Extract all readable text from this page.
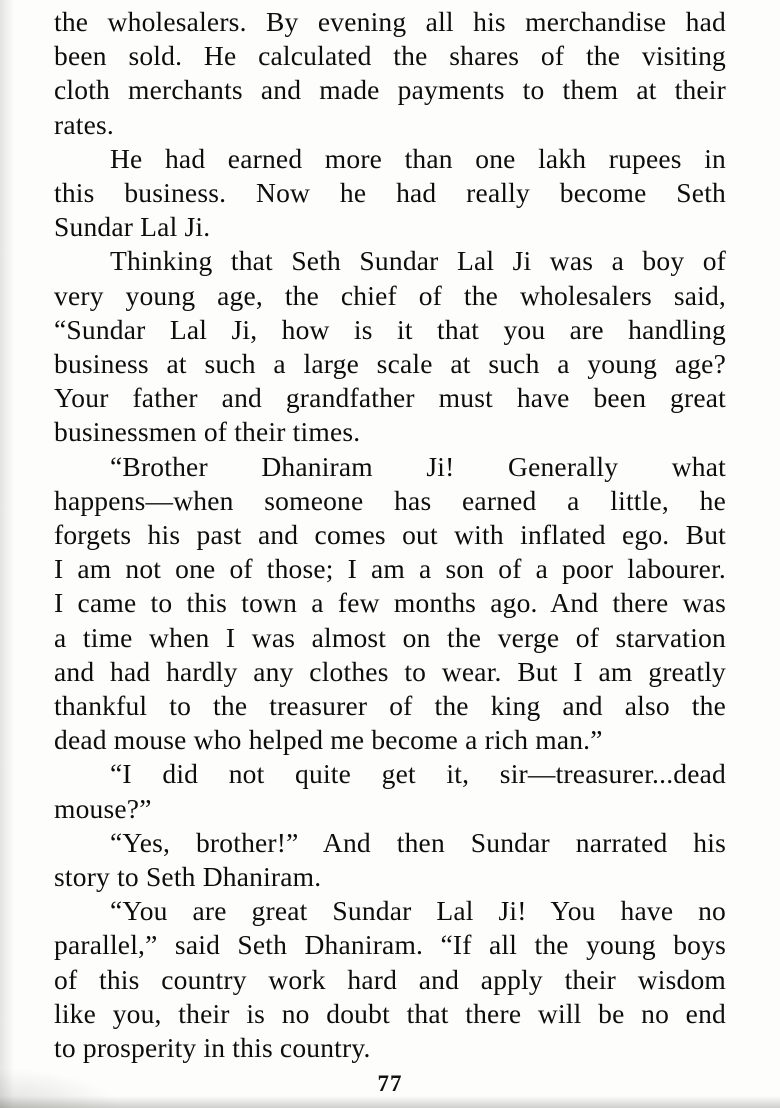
the wholesalers. By evening all his merchandise had
been sold. He calculated the shares of the visiting
cloth merchants and made payments to them at their
rates.
He had earned more than one lakh rupees in
this business. Now he had really become Seth
Sundar Lal Ji.
Thinking that Seth Sundar Lal Ji was a boy of
very young age, the chief of the wholesalers said,
“Sundar Lal Ji, how is it that you are handling
business at such a large scale at such a young age?
Your father and grandfather must have been great
businessmen of their times.
“Brother Dhaniram Ji! Generally what
happens—when someone has earned a little, he
forgets his past and comes out with inflated ego. But
I am not one of those; I am a son of a poor labourer.
I came to this town a few months ago. And there was
a time when I was almost on the verge of starvation
and had hardly any clothes to wear. But I am greatly
thankful to the treasurer of the king and also the
dead mouse who helped me become a rich man.”
“I did not quite get it, sir—treasurer...dead
mouse?”
“Yes, brother!” And then Sundar narrated his
story to Seth Dhaniram.
“You are great Sundar Lal Ji! You have no
parallel,” said Seth Dhaniram. “If all the young boys
of this country work hard and apply their wisdom
like you, their is no doubt that there will be no end
to prosperity in this country.
77
